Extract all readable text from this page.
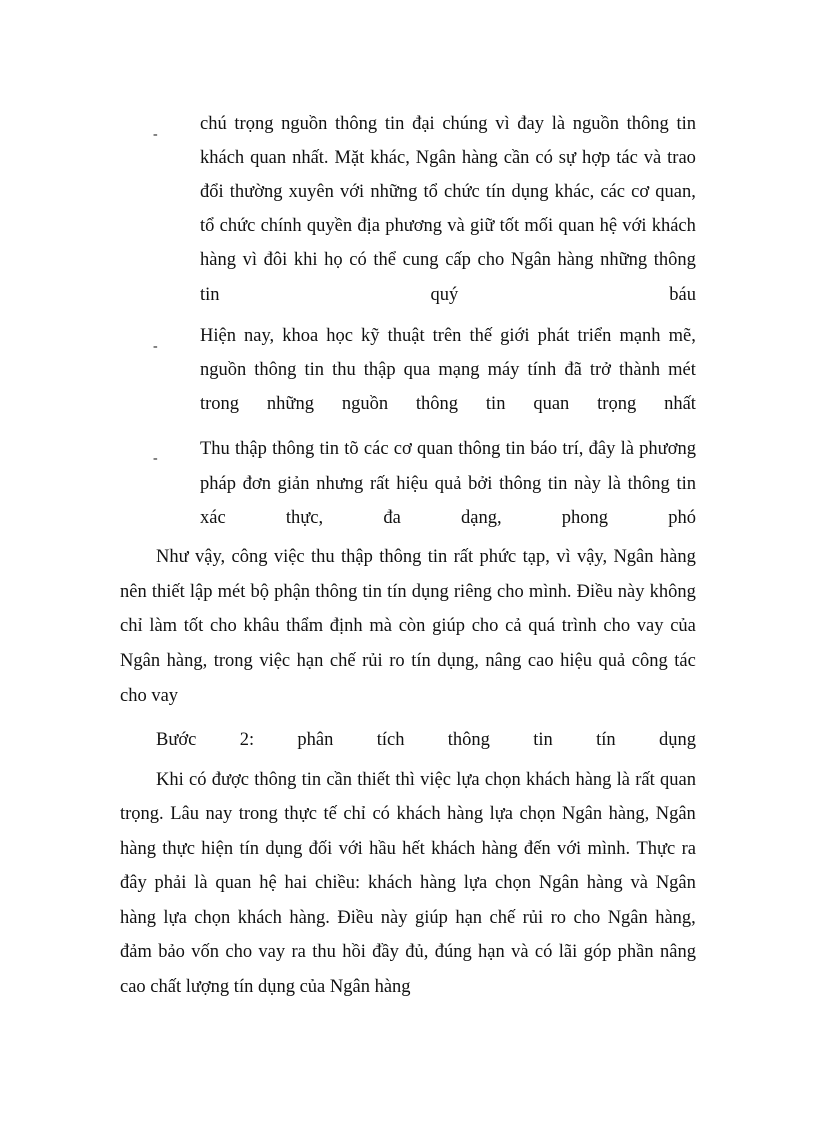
-
chú trọng nguồn thông tin đại chúng vì đay là nguồn thông tin
khách quan nhất. Mặt khác, Ngân hàng cần có sự hợp tác và trao
đổi thường xuyên với những tổ chức tín dụng khác, các cơ quan,
tổ chức chính quyền địa phương và giữ tốt mối quan hệ với khách
hàng vì đôi khi họ có thể cung cấp cho Ngân hàng những thông
tin	quý	báu
-
Hiện nay, khoa học kỹ thuật trên thế giới phát triển mạnh mẽ,
nguồn thông tin thu thập qua mạng máy tính đã trở thành mét
trong những nguồn thông tin quan trọng nhất
- Thu thập thông tin tõ các cơ quan thông tin báo trí, đây là phương
pháp đơn giản nhưng rất hiệu quả bởi thông tin này là thông tin
xác	thực,	đa	dạng,	phong	phó
Như vậy, công việc thu thập thông tin rất phức tạp, vì vậy, Ngân hàng
nên thiết lập mét bộ phận thông tin tín dụng riêng cho mình. Điều này không
chỉ làm tốt cho khâu thẩm định mà còn giúp cho cả quá trình cho vay của
Ngân hàng, trong việc hạn chế rủi ro tín dụng, nâng cao hiệu quả công tác
cho vay
Bước 2: phân tích thông tin tín dụng
Khi có được thông tin cần thiết thì việc lựa chọn khách hàng là rất quan
trọng. Lâu nay trong thực tế chỉ có khách hàng lựa chọn Ngân hàng, Ngân
hàng thực hiện tín dụng đối với hầu hết khách hàng đến với mình. Thực ra
đây phải là quan hệ hai chiều: khách hàng lựa chọn Ngân hàng và Ngân
hàng lựa chọn khách hàng. Điều này giúp hạn chế rủi ro cho Ngân hàng,
đảm bảo vốn cho vay ra thu hồi đầy đủ, đúng hạn và có lãi góp phần nâng
cao chất lượng tín dụng của Ngân hàng
